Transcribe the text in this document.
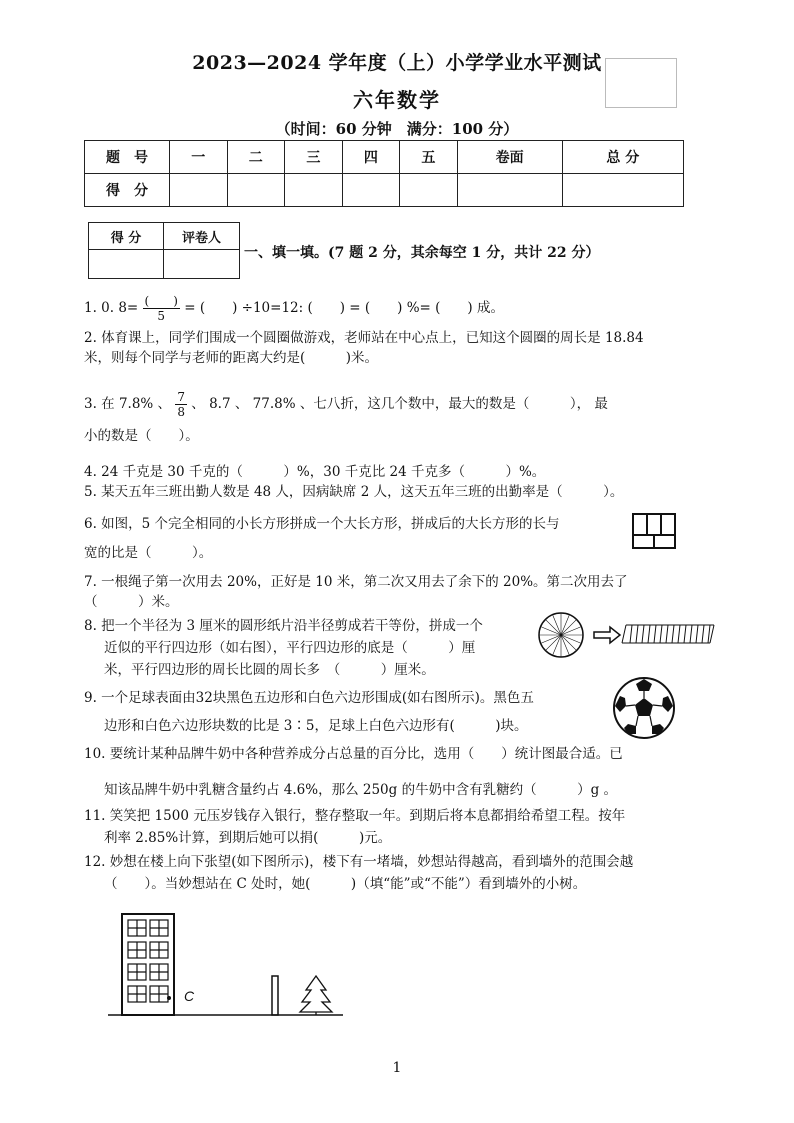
2023—2024 学年度（上）小学学业水平测试
六年数学
（时间：60 分钟　满分：100 分）
题　号	一	二	三	四	五	卷面	总 分
得　分							
得 分	评卷人

一、填一填。(7 题 2 分，其余每空 1 分，共计 22 分）
1. 0. $8= \frac{( )}{5}$ = (　　) ÷10=12: (　　) = (　　) %= (　　) 成。
2. 体育课上，同学们围成一个圆圈做游戏，老师站在中心点上，已知这个圆圈的周长是 18.84
米，则每个同学与老师的距离大约是(　　　)米。
3. 在 7.8% 、 $\frac{7}{8}$ 、 8.7 、 77.8% 、七八折，这几个数中，最大的数是（　　　）， 最
小的数是（　　）。
4. 24 千克是 30 千克的（　　　）%，30 千克比 24 千克多（　　　）%。
5. 某天五年三班出勤人数是 48 人，因病缺席 2 人，这天五年三班的出勤率是（　　　）。
6. 如图，5 个完全相同的小长方形拼成一个大长方形，拼成后的大长方形的长与
宽的比是（　　　）。
7. 一根绳子第一次用去 20%，正好是 10 米，第二次又用去了余下的 20%。第二次用去了
（　　　）米。
8. 把一个半径为 3 厘米的圆形纸片沿半径剪成若干等份，拼成一个
近似的平行四边形（如右图），平行四边形的底是（　　　）厘
米，平行四边形的周长比圆的周长多　（　　　）厘米。
9. 一个足球表面由32块黑色五边形和白色六边形围成(如右图所示)。黑色五
边形和白色六边形块数的比是 3∶5，足球上白色六边形有(　　　)块。
10. 要统计某种品牌牛奶中各种营养成分占总量的百分比，选用（　　）统计图最合适。已
知该品牌牛奶中乳糖含量约占 4.6%，那么 250g 的牛奶中含有乳糖约（　　　）g 。
11. 笑笑把 1500 元压岁钱存入银行，整存整取一年。到期后将本息都捐给希望工程。按年
利率 2.85%计算，到期后她可以捐(　　　)元。
12. 妙想在楼上向下张望(如下图所示)，楼下有一堵墙，妙想站得越高，看到墙外的范围会越
（　　）。当妙想站在 C 处时，她(　　　)（填“能”或“不能”）看到墙外的小树。
C
1
